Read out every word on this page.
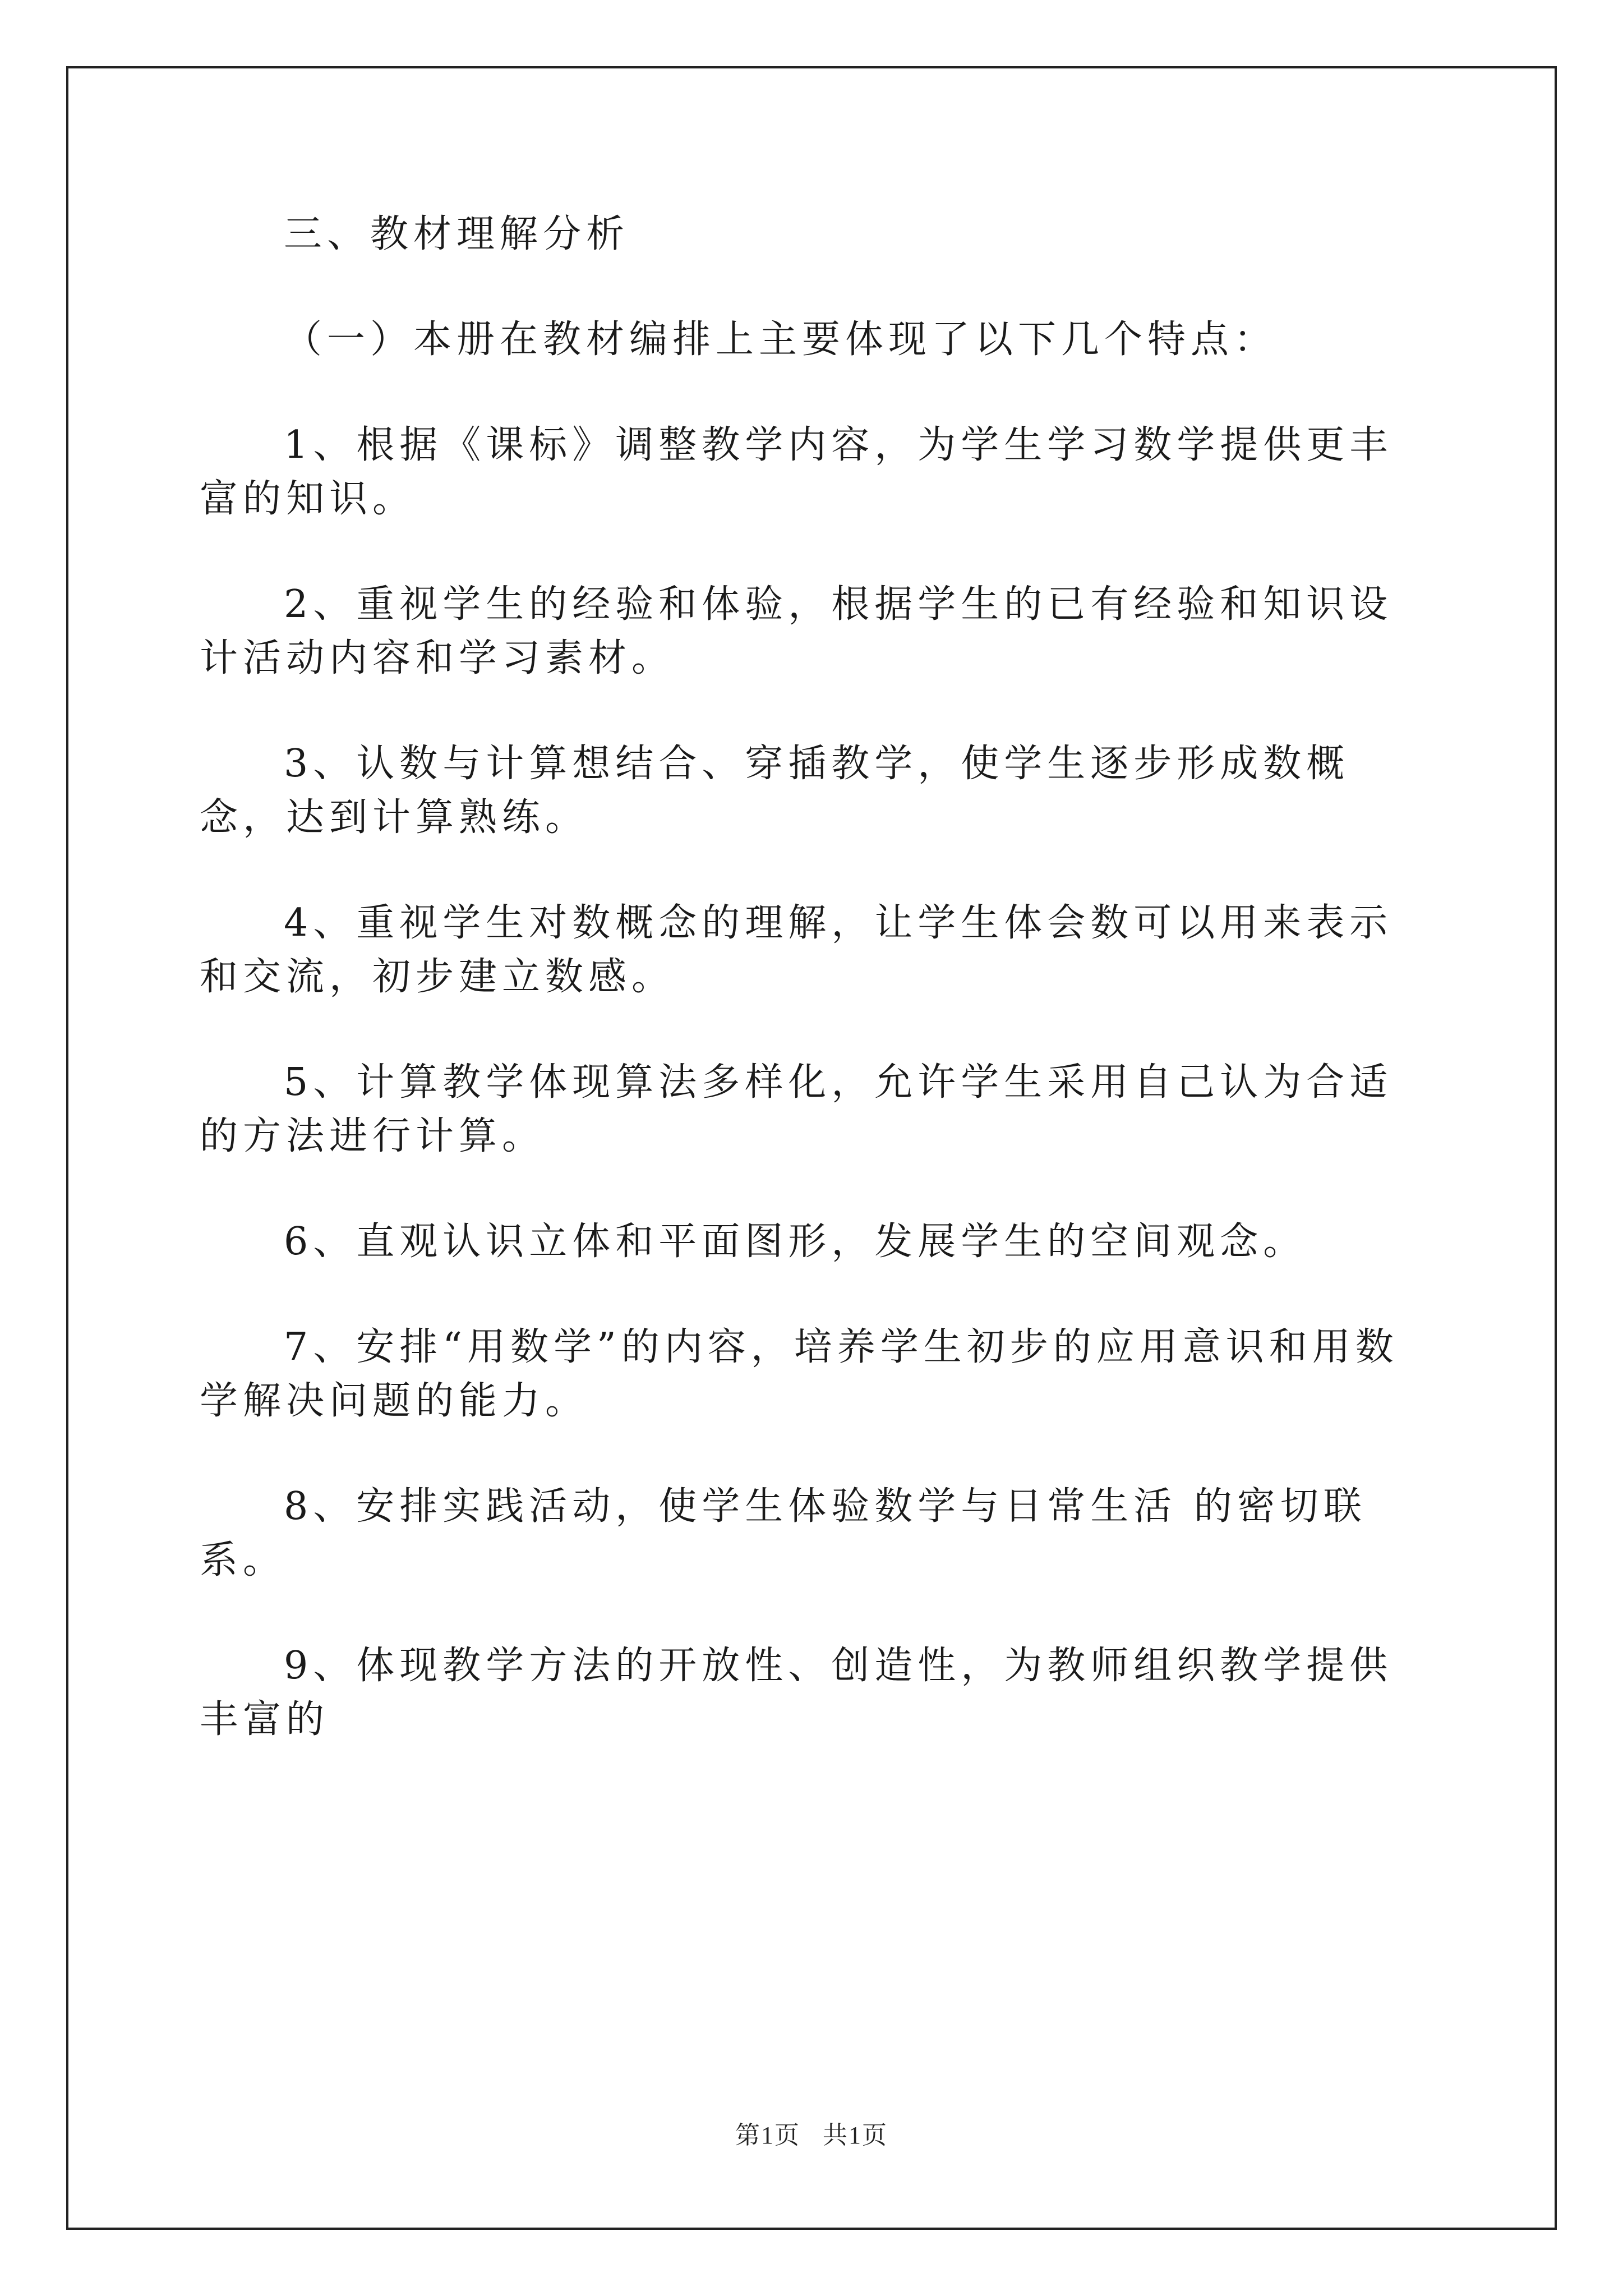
三、教材理解分析

（一）本册在教材编排上主要体现了以下几个特点：

1、根据《课标》调整教学内容，为学生学习数学提供更丰富的知识。

2、重视学生的经验和体验，根据学生的已有经验和知识设计活动内容和学习素材。

3、认数与计算想结合、穿插教学，使学生逐步形成数概念，达到计算熟练。

4、重视学生对数概念的理解，让学生体会数可以用来表示和交流，初步建立数感。

5、计算教学体现算法多样化，允许学生采用自己认为合适的方法进行计算。

6、直观认识立体和平面图形，发展学生的空间观念。

7、安排“用数学”的内容，培养学生初步的应用意识和用数学解决问题的能力。

8、安排实践活动，使学生体验数学与日常生活 的密切联系。

9、体现教学方法的开放性、创造性，为教师组织教学提供丰富的

第1页 共1页
